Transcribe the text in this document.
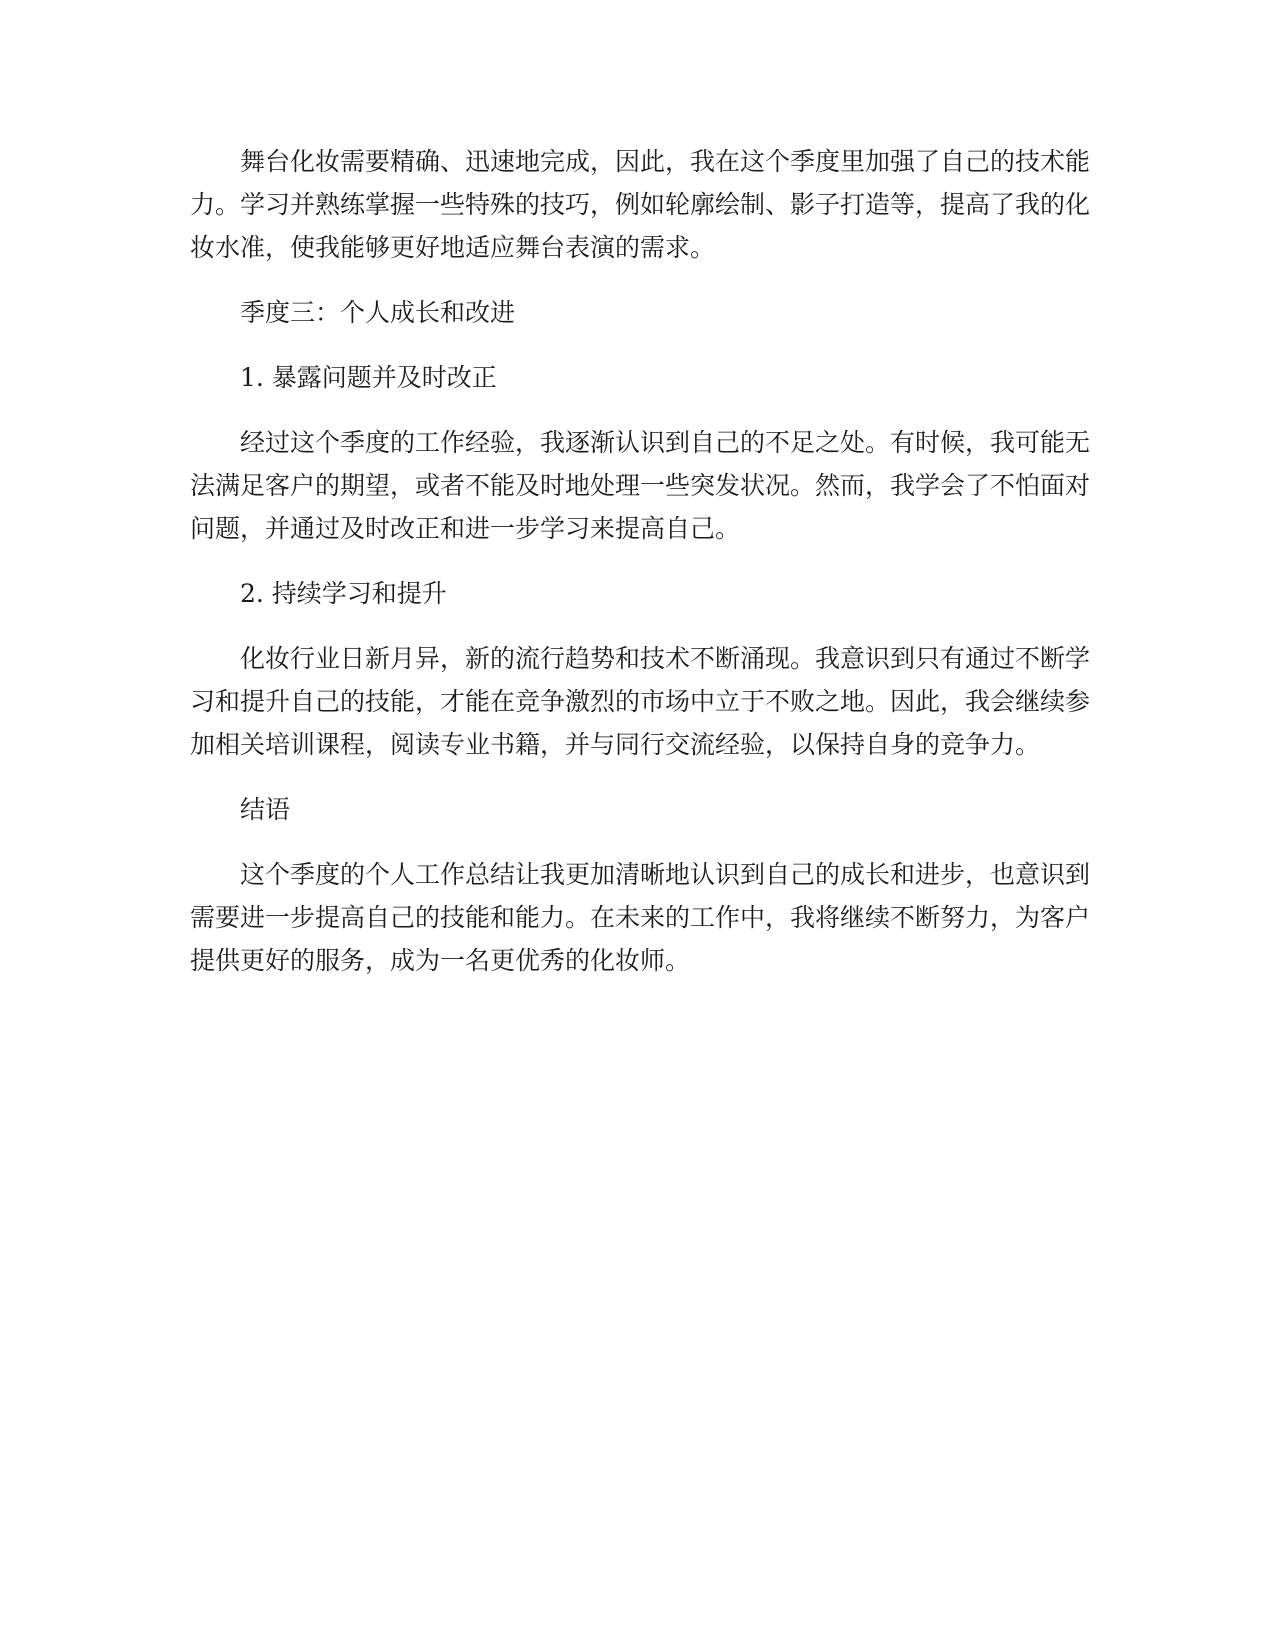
舞台化妆需要精确、迅速地完成，因此，我在这个季度里加强了自己的技术能力。学习并熟练掌握一些特殊的技巧，例如轮廓绘制、影子打造等，提高了我的化妆水准，使我能够更好地适应舞台表演的需求。

季度三：个人成长和改进

1. 暴露问题并及时改正

经过这个季度的工作经验，我逐渐认识到自己的不足之处。有时候，我可能无法满足客户的期望，或者不能及时地处理一些突发状况。然而，我学会了不怕面对问题，并通过及时改正和进一步学习来提高自己。

2. 持续学习和提升

化妆行业日新月异，新的流行趋势和技术不断涌现。我意识到只有通过不断学习和提升自己的技能，才能在竞争激烈的市场中立于不败之地。因此，我会继续参加相关培训课程，阅读专业书籍，并与同行交流经验，以保持自身的竞争力。

结语

这个季度的个人工作总结让我更加清晰地认识到自己的成长和进步，也意识到需要进一步提高自己的技能和能力。在未来的工作中，我将继续不断努力，为客户提供更好的服务，成为一名更优秀的化妆师。
